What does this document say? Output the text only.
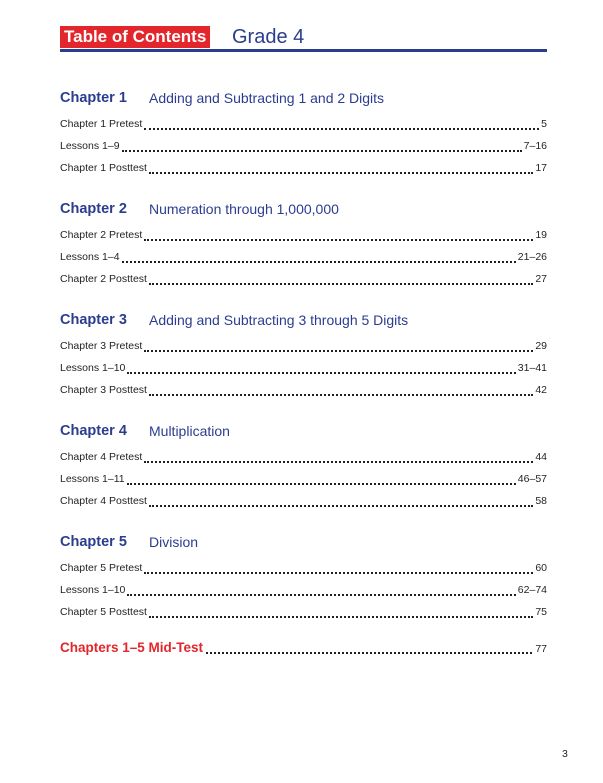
Table of Contents Grade 4
Chapter 1 Adding and Subtracting 1 and 2 Digits
Chapter 1 Pretest	5
Lessons 1–9	7–16
Chapter 1 Posttest	17
Chapter 2 Numeration through 1,000,000
Chapter 2 Pretest	19
Lessons 1–4	21–26
Chapter 2 Posttest	27
Chapter 3 Adding and Subtracting 3 through 5 Digits
Chapter 3 Pretest	29
Lessons 1–10	31–41
Chapter 3 Posttest	42
Chapter 4 Multiplication
Chapter 4 Pretest	44
Lessons 1–11	46–57
Chapter 4 Posttest	58
Chapter 5 Division
Chapter 5 Pretest	60
Lessons 1–10	62–74
Chapter 5 Posttest	75
Chapters 1–5 Mid-Test	77
3
